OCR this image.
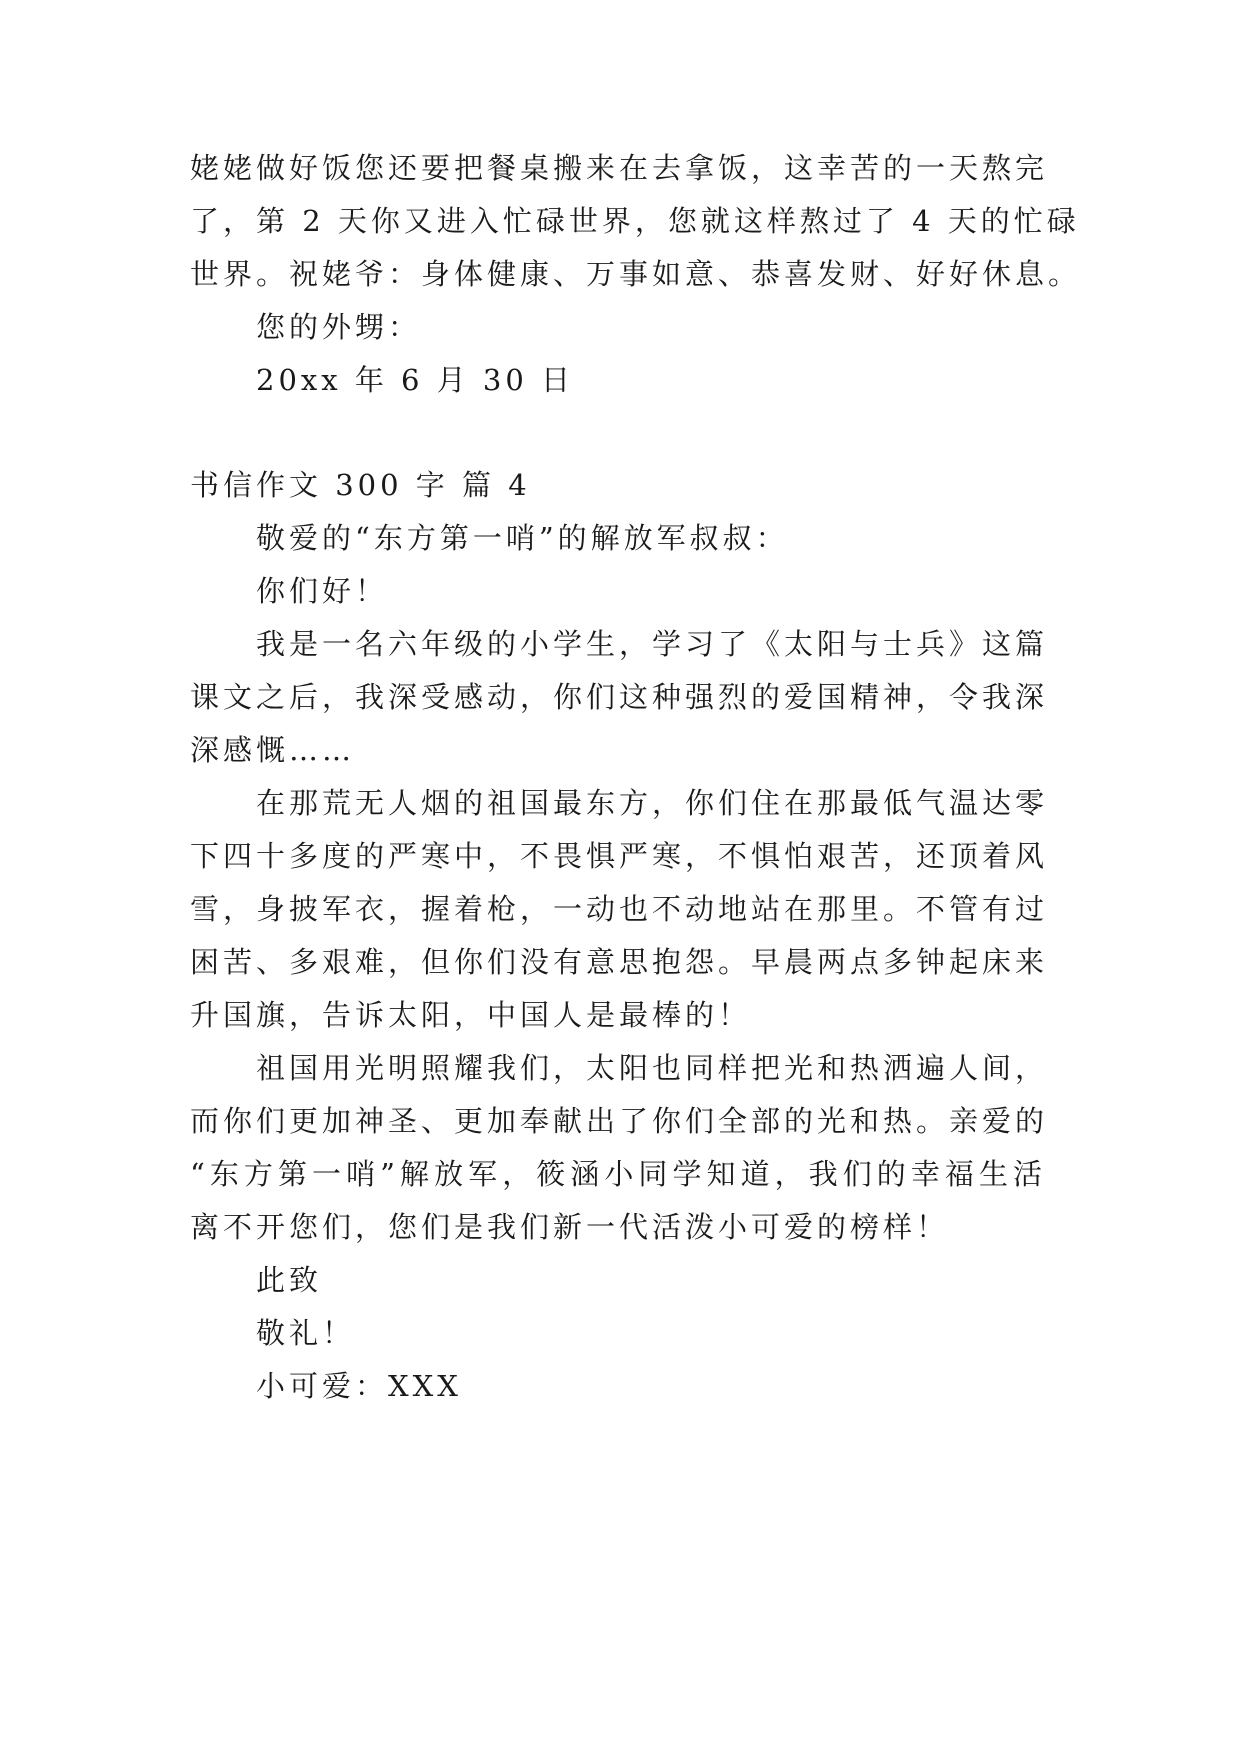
姥姥做好饭您还要把餐桌搬来在去拿饭，这幸苦的一天熬完
了，第 2 天你又进入忙碌世界，您就这样熬过了 4 天的忙碌
世界。祝姥爷：身体健康、万事如意、恭喜发财、好好休息。
您的外甥：
20xx 年 6 月 30 日
书信作文 300 字 篇 4
敬爱的“东方第一哨”的解放军叔叔：
你们好！
我是一名六年级的小学生，学习了《太阳与士兵》这篇
课文之后，我深受感动，你们这种强烈的爱国精神，令我深
深感慨……
在那荒无人烟的祖国最东方，你们住在那最低气温达零
下四十多度的严寒中，不畏惧严寒，不惧怕艰苦，还顶着风
雪，身披军衣，握着枪，一动也不动地站在那里。不管有过
困苦、多艰难，但你们没有意思抱怨。早晨两点多钟起床来
升国旗，告诉太阳，中国人是最棒的！
祖国用光明照耀我们，太阳也同样把光和热洒遍人间，
而你们更加神圣、更加奉献出了你们全部的光和热。亲爱的
“东方第一哨”解放军，筱涵小同学知道，我们的幸福生活
离不开您们，您们是我们新一代活泼小可爱的榜样！
此致
敬礼！
小可爱：XXX
